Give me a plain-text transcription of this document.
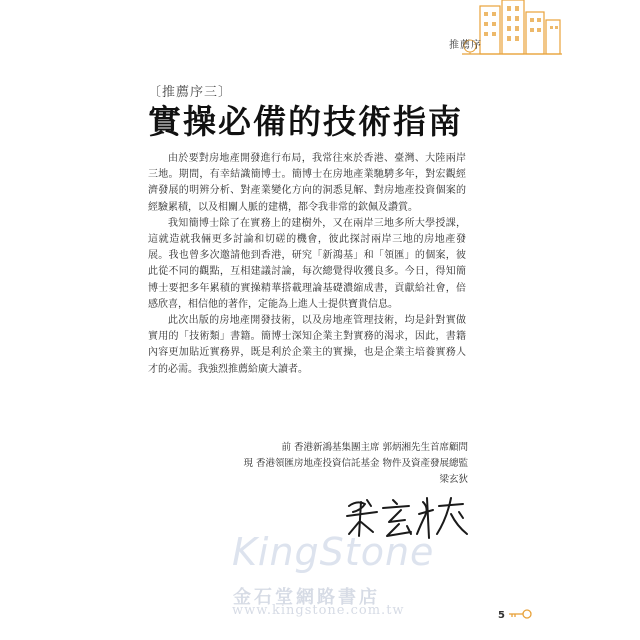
推薦序
〔推薦序三〕
實操必備的技術指南

由於要對房地產開發進行布局，我常往來於香港、臺灣、大陸兩岸三地。期間，有幸結識簡博士。簡博士在房地產業馳騁多年，對宏觀經濟發展的明辨分析、對產業變化方向的洞悉見解、對房地產投資個案的經驗累積，以及相關人脈的建構，都令我非常的欽佩及讚賞。

我知簡博士除了在實務上的建樹外，又在兩岸三地多所大學授課，這就造就我倆更多討論和切磋的機會，彼此探討兩岸三地的房地產發展。我也曾多次邀請他到香港，研究「新鴻基」和「領匯」的個案，彼此從不同的觀點，互相建議討論，每次總覺得收獲良多。今日，得知簡博士要把多年累積的實操精華搭載理論基礎濃縮成書，貢獻給社會，倍感欣喜，相信他的著作，定能為上進人士提供寶貴信息。

此次出版的房地產開發技術，以及房地產管理技術，均是針對實做實用的「技術類」書籍。簡博士深知企業主對實務的渴求，因此，書籍內容更加貼近實務界，既是利於企業主的實操，也是企業主培養實務人才的必需。我強烈推薦給廣大讀者。

前 香港新鴻基集團主席 郭炳湘先生首席顧問
現 香港領匯房地產投資信託基金 物件及資產發展總監
梁玄狄
KingStone
金石堂網路書店
www.kingstone.com.tw	5
